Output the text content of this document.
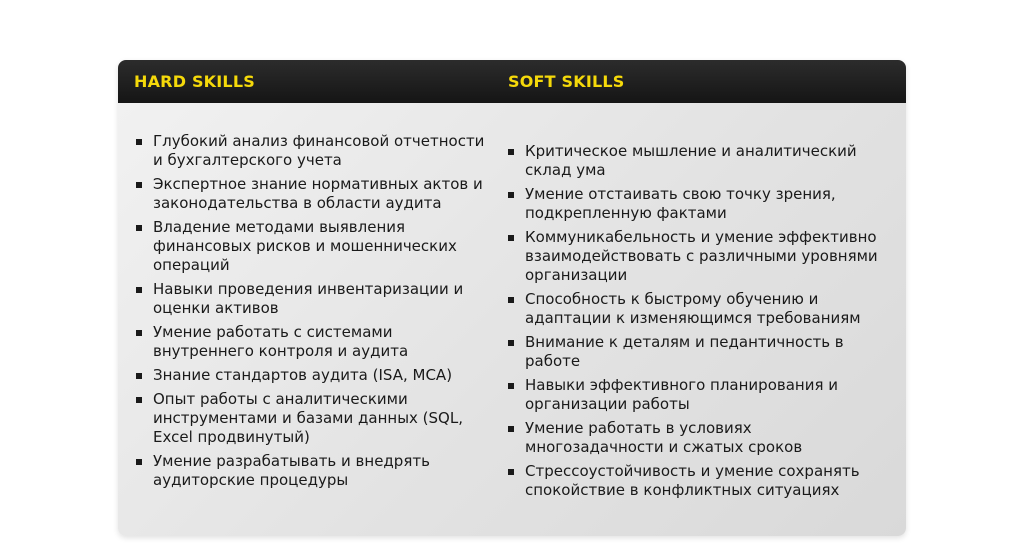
HARD SKILLS	SOFT SKILLS
Глубокий анализ финансовой отчетности и бухгалтерского учета
Экспертное знание нормативных актов и законодательства в области аудита
Владение методами выявления финансовых рисков и мошеннических операций
Навыки проведения инвентаризации и оценки активов
Умение работать с системами внутреннего контроля и аудита
Знание стандартов аудита (ISA, МСА)
Опыт работы с аналитическими инструментами и базами данных (SQL, Excel продвинутый)
Умение разрабатывать и внедрять аудиторские процедуры
Критическое мышление и аналитический склад ума
Умение отстаивать свою точку зрения, подкрепленную фактами
Коммуникабельность и умение эффективно взаимодействовать с различными уровнями организации
Способность к быстрому обучению и адаптации к изменяющимся требованиям
Внимание к деталям и педантичность в работе
Навыки эффективного планирования и организации работы
Умение работать в условиях многозадачности и сжатых сроков
Стрессоустойчивость и умение сохранять спокойствие в конфликтных ситуациях
